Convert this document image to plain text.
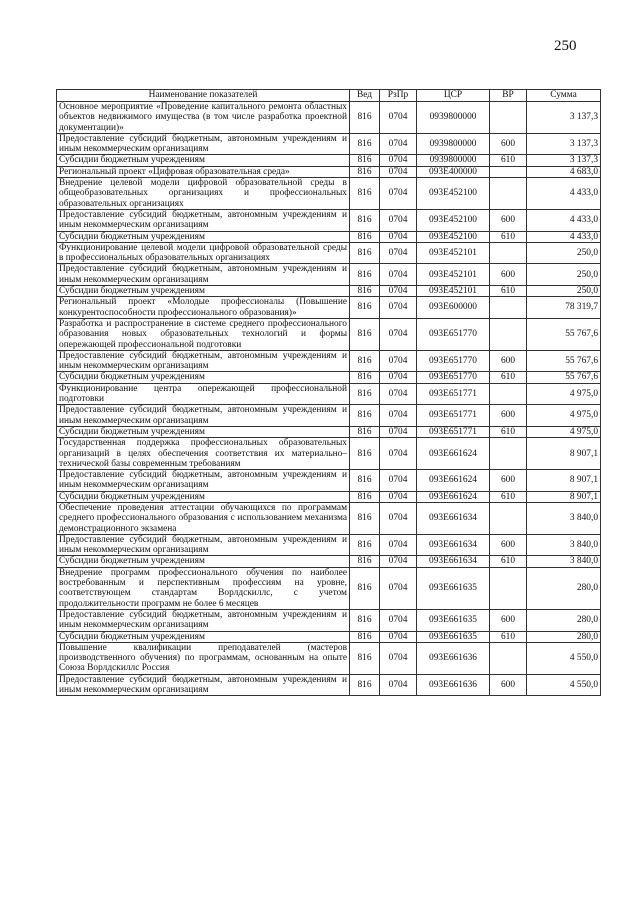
250
Наименование показателей	Вед	РзПр	ЦСР	ВР	Сумма
Основное мероприятие «Проведение капитального ремонта областных объектов недвижимого имущества (в том числе разработка проектной документации)»	816	0704	0939800000		3 137,3
Предоставление субсидий бюджетным, автономным учреждениям и иным некоммерческим организациям	816	0704	0939800000	600	3 137,3
Субсидии бюджетным учреждениям	816	0704	0939800000	610	3 137,3
Региональный проект «Цифровая образовательная среда»	816	0704	093E400000		4 683,0
Внедрение целевой модели цифровой образовательной среды в общеобразовательных организациях и профессиональных образовательных организациях	816	0704	093E452100		4 433,0
Предоставление субсидий бюджетным, автономным учреждениям и иным некоммерческим организациям	816	0704	093E452100	600	4 433,0
Субсидии бюджетным учреждениям	816	0704	093E452100	610	4 433,0
Функционирование целевой модели цифровой образовательной среды в профессиональных образовательных организациях	816	0704	093E452101		250,0
Предоставление субсидий бюджетным, автономным учреждениям и иным некоммерческим организациям	816	0704	093E452101	600	250,0
Субсидии бюджетным учреждениям	816	0704	093E452101	610	250,0
Региональный проект «Молодые профессионалы (Повышение конкурентоспособности профессионального образования)»	816	0704	093E600000		78 319,7
Разработка и распространение в системе среднего профессионального образования новых образовательных технологий и формы опережающей профессиональной подготовки	816	0704	093E651770		55 767,6
Предоставление субсидий бюджетным, автономным учреждениям и иным некоммерческим организациям	816	0704	093E651770	600	55 767,6
Субсидии бюджетным учреждениям	816	0704	093E651770	610	55 767,6
Функционирование центра опережающей профессиональной подготовки	816	0704	093E651771		4 975,0
Предоставление субсидий бюджетным, автономным учреждениям и иным некоммерческим организациям	816	0704	093E651771	600	4 975,0
Субсидии бюджетным учреждениям	816	0704	093E651771	610	4 975,0
Государственная поддержка профессиональных образовательных организаций в целях обеспечения соответствия их материально–технической базы современным требованиям	816	0704	093E661624		8 907,1
Предоставление субсидий бюджетным, автономным учреждениям и иным некоммерческим организациям	816	0704	093E661624	600	8 907,1
Субсидии бюджетным учреждениям	816	0704	093E661624	610	8 907,1
Обеспечение проведения аттестации обучающихся по программам среднего профессионального образования с использованием механизма демонстрационного экзамена	816	0704	093E661634		3 840,0
Предоставление субсидий бюджетным, автономным учреждениям и иным некоммерческим организациям	816	0704	093E661634	600	3 840,0
Субсидии бюджетным учреждениям	816	0704	093E661634	610	3 840,0
Внедрение программ профессионального обучения по наиболее востребованным и перспективным профессиям на уровне, соответствующем стандартам Ворлдскиллс, с учетом продолжительности программ не более 6 месяцев	816	0704	093E661635		280,0
Предоставление субсидий бюджетным, автономным учреждениям и иным некоммерческим организациям	816	0704	093E661635	600	280,0
Субсидии бюджетным учреждениям	816	0704	093E661635	610	280,0
Повышение квалификации преподавателей (мастеров производственного обучения) по программам, основанным на опыте Союза Ворлдскиллс Россия	816	0704	093E661636		4 550,0
Предоставление субсидий бюджетным, автономным учреждениям и иным некоммерческим организациям	816	0704	093E661636	600	4 550,0
